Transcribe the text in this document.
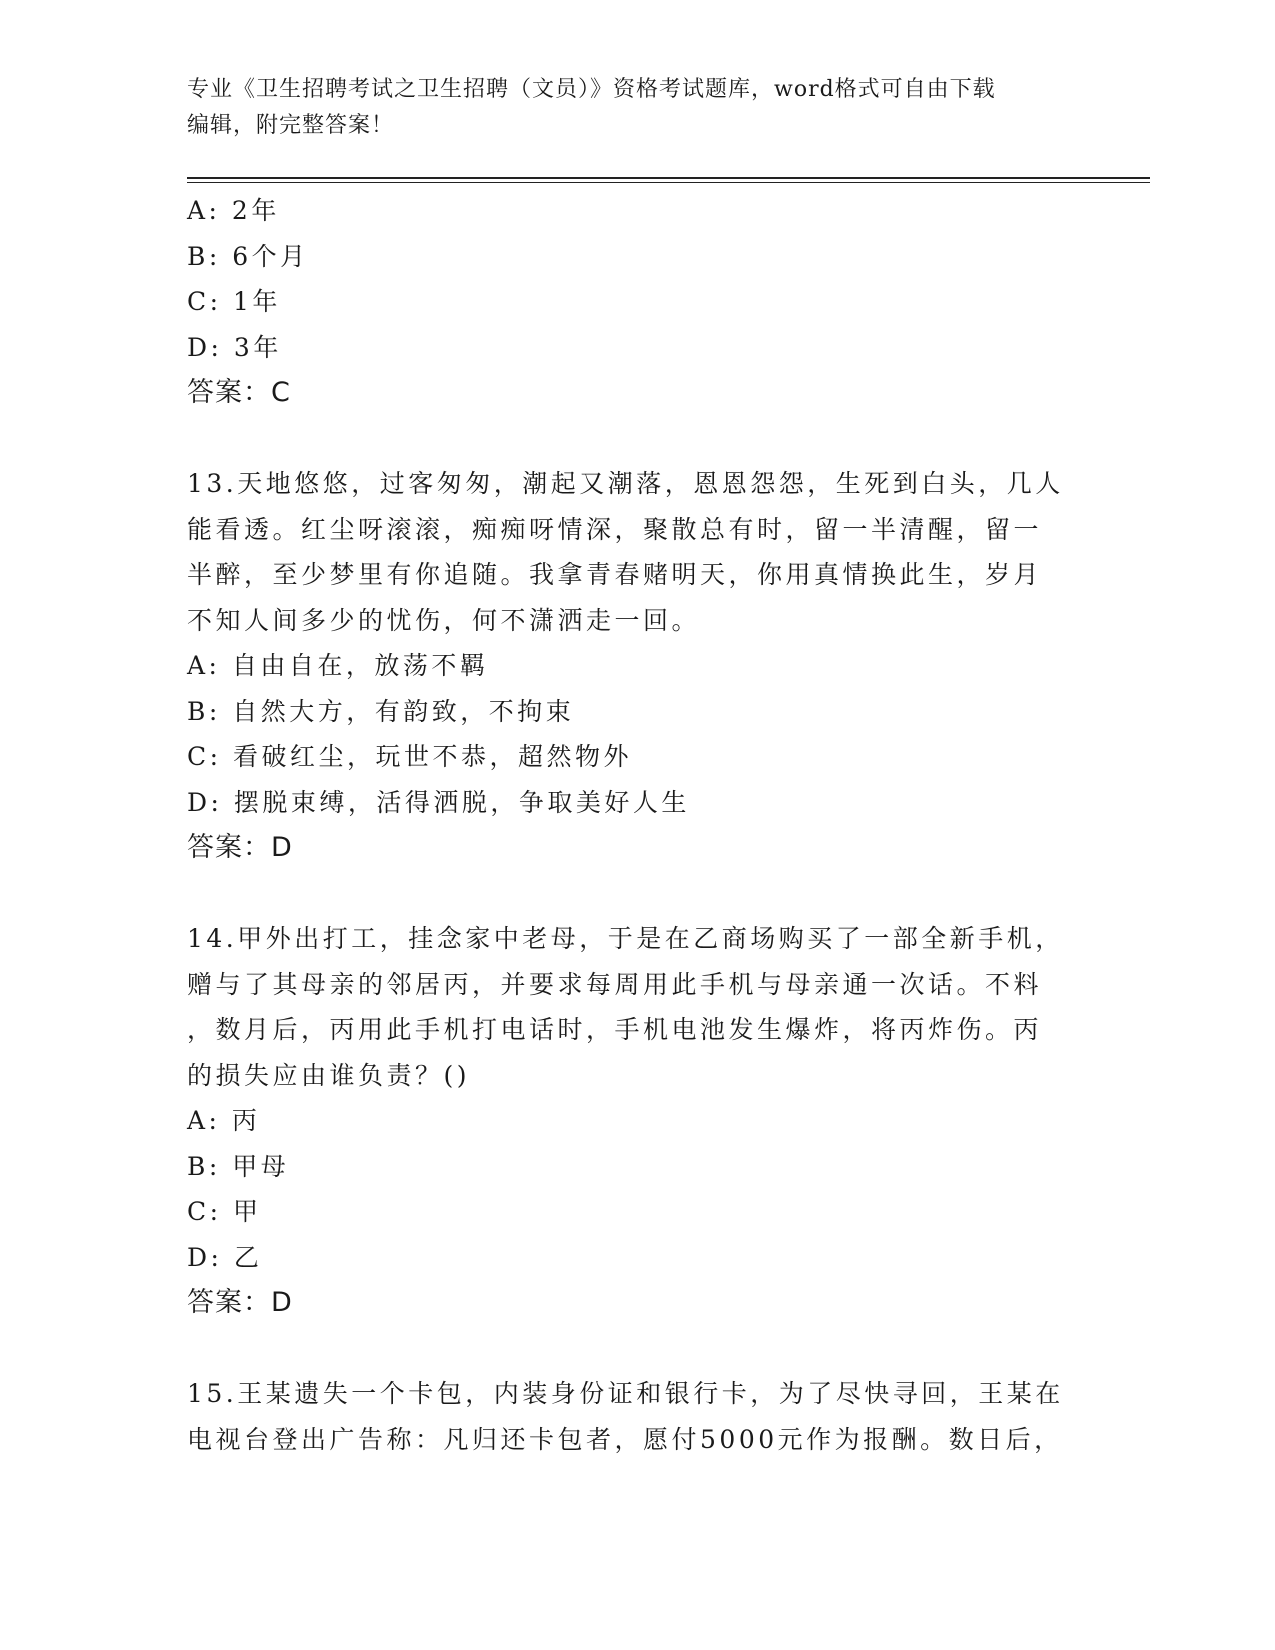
专业《卫生招聘考试之卫生招聘（文员）》资格考试题库，word格式可自由下载
编辑，附完整答案！
A: 2年
B: 6个月
C: 1年
D: 3年
答案：C
13.天地悠悠，过客匆匆，潮起又潮落，恩恩怨怨，生死到白头，几人
能看透。红尘呀滚滚，痴痴呀情深，聚散总有时，留一半清醒，留一
半醉，至少梦里有你追随。我拿青春赌明天，你用真情换此生，岁月
不知人间多少的忧伤，何不潇洒走一回。
A: 自由自在，放荡不羁
B: 自然大方，有韵致，不拘束
C: 看破红尘，玩世不恭，超然物外
D: 摆脱束缚，活得洒脱，争取美好人生
答案：D
14.甲外出打工，挂念家中老母，于是在乙商场购买了一部全新手机，
赠与了其母亲的邻居丙，并要求每周用此手机与母亲通一次话。不料
，数月后，丙用此手机打电话时，手机电池发生爆炸，将丙炸伤。丙
的损失应由谁负责？()
A: 丙
B: 甲母
C: 甲
D: 乙
答案：D
15.王某遗失一个卡包，内装身份证和银行卡，为了尽快寻回，王某在
电视台登出广告称：凡归还卡包者，愿付5000元作为报酬。数日后，
